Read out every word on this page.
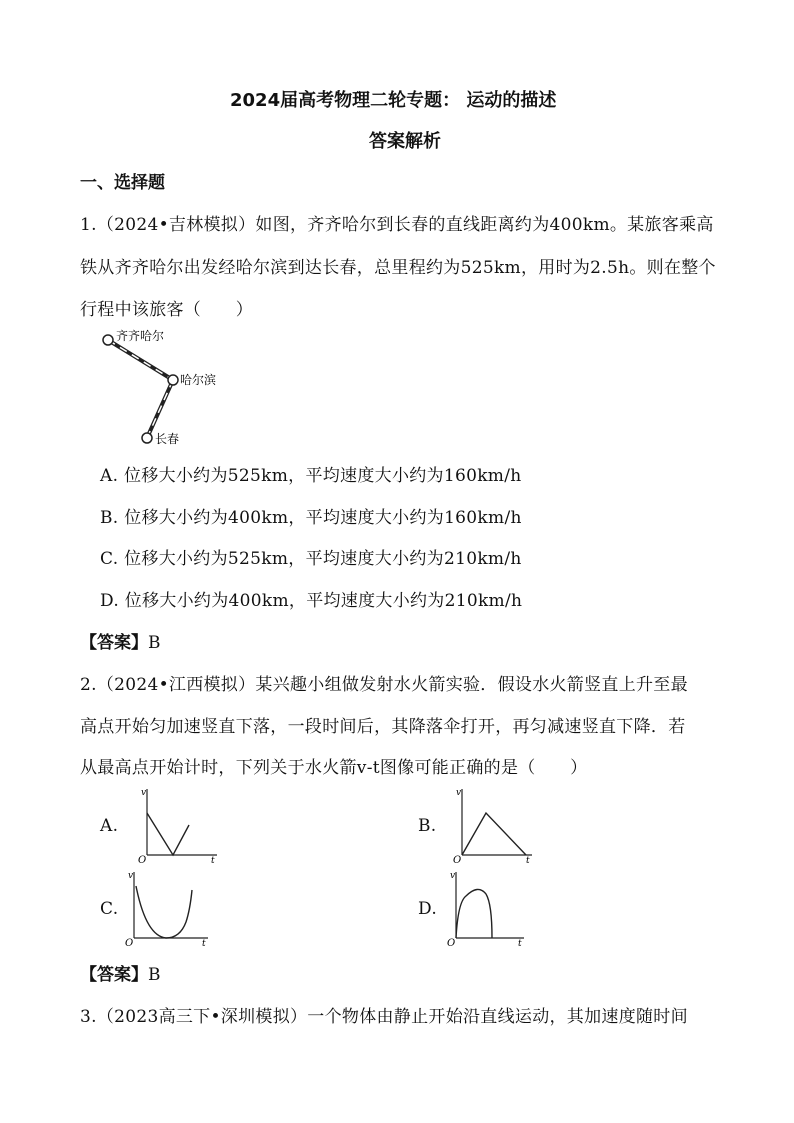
2024届高考物理二轮专题： 运动的描述
答案解析
一、选择题
1.（2024•吉林模拟）如图，齐齐哈尔到长春的直线距离约为400km。某旅客乘高
铁从齐齐哈尔出发经哈尔滨到达长春，总里程约为525km，用时为2.5h。则在整个
行程中该旅客（　　）
齐齐哈尔
哈尔滨
长春
A. 位移大小约为525km，平均速度大小约为160km/h
B. 位移大小约为400km，平均速度大小约为160km/h
C. 位移大小约为525km，平均速度大小约为210km/h
D. 位移大小约为400km，平均速度大小约为210km/h
【答案】B
2.（2024•江西模拟）某兴趣小组做发射水火箭实验．假设水火箭竖直上升至最
高点开始匀加速竖直下落，一段时间后，其降落伞打开，再匀减速竖直下降．若
从最高点开始计时，下列关于水火箭v-t图像可能正确的是（　　）
A.
v
t
O
B.
v
t
O
C.
v
t
O
D.
v
t
O
【答案】B
3.（2023高三下•深圳模拟）一个物体由静止开始沿直线运动，其加速度随时间
